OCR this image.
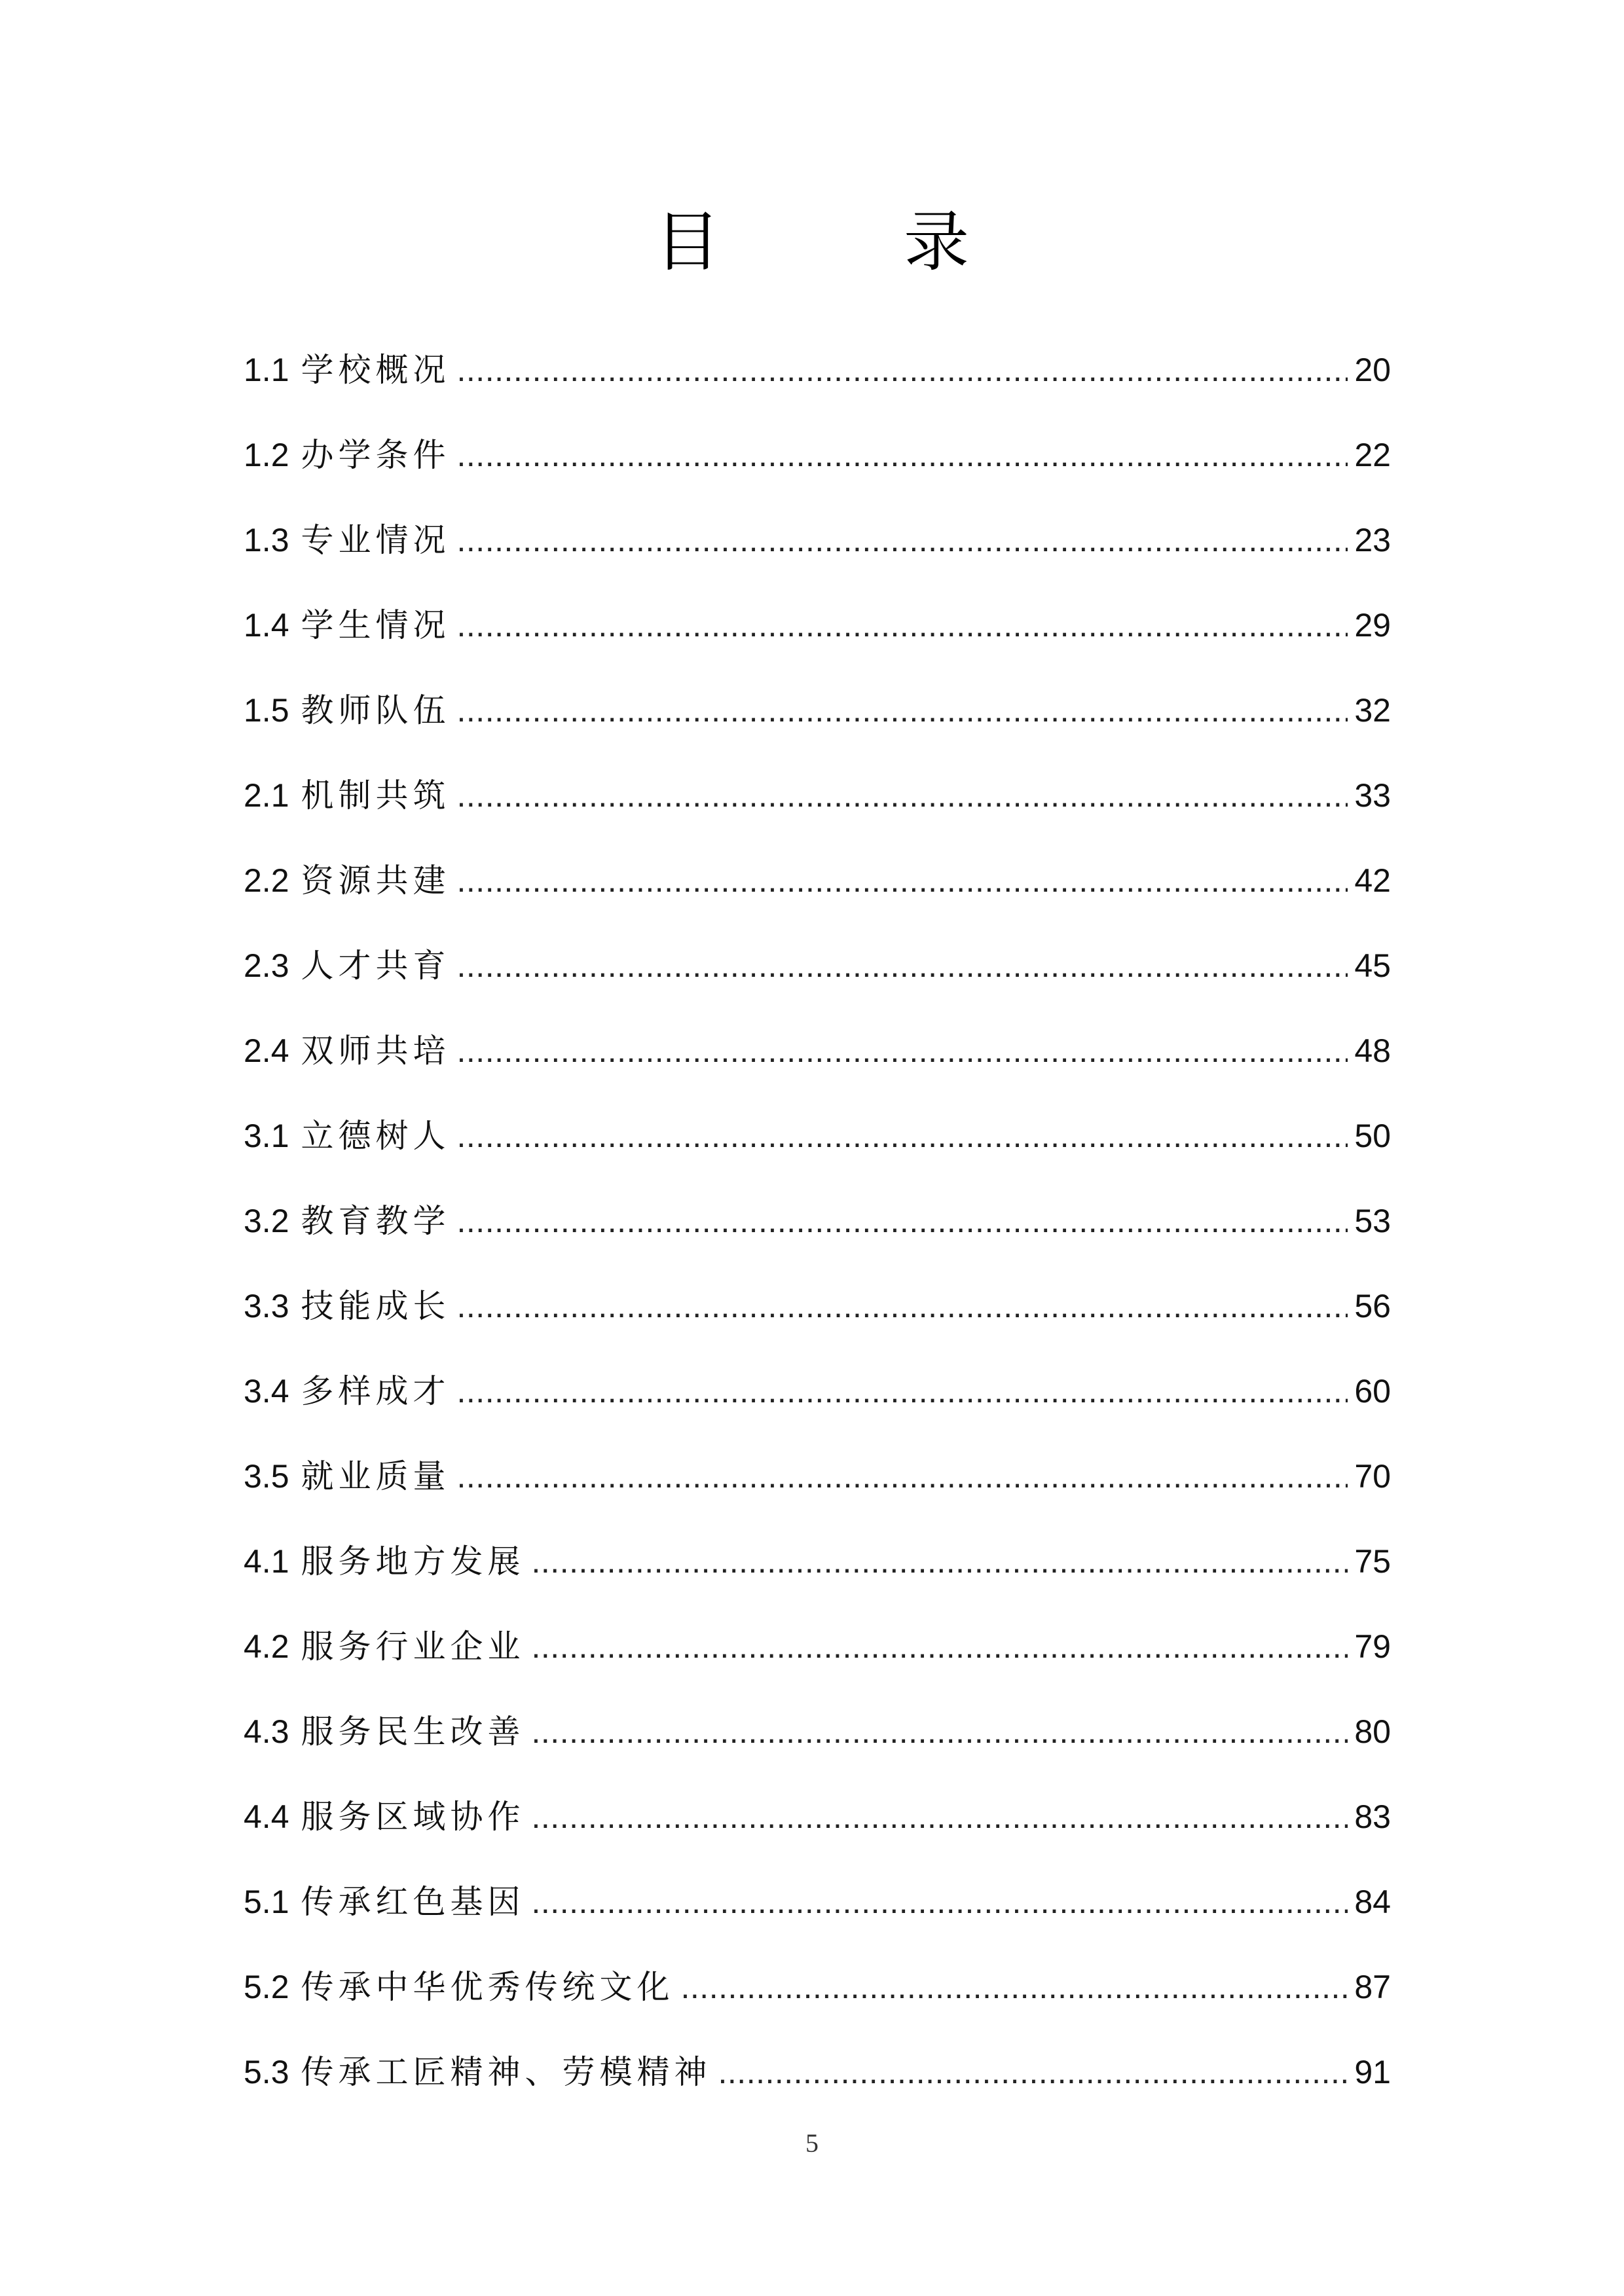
目　录
1.1 学校概况 .....	20
1.2 办学条件 .....	22
1.3 专业情况 .....	23
1.4 学生情况 .....	29
1.5 教师队伍 .....	32
2.1 机制共筑 .....	33
2.2 资源共建 .....	42
2.3 人才共育 .....	45
2.4 双师共培 .....	48
3.1 立德树人 .....	50
3.2 教育教学 .....	53
3.3 技能成长 .....	56
3.4 多样成才 .....	60
3.5 就业质量 .....	70
4.1 服务地方发展 .....	75
4.2 服务行业企业 .....	79
4.3 服务民生改善 .....	80
4.4 服务区域协作 .....	83
5.1 传承红色基因 .....	84
5.2 传承中华优秀传统文化 .....	87
5.3 传承工匠精神、劳模精神 .....	91
5
